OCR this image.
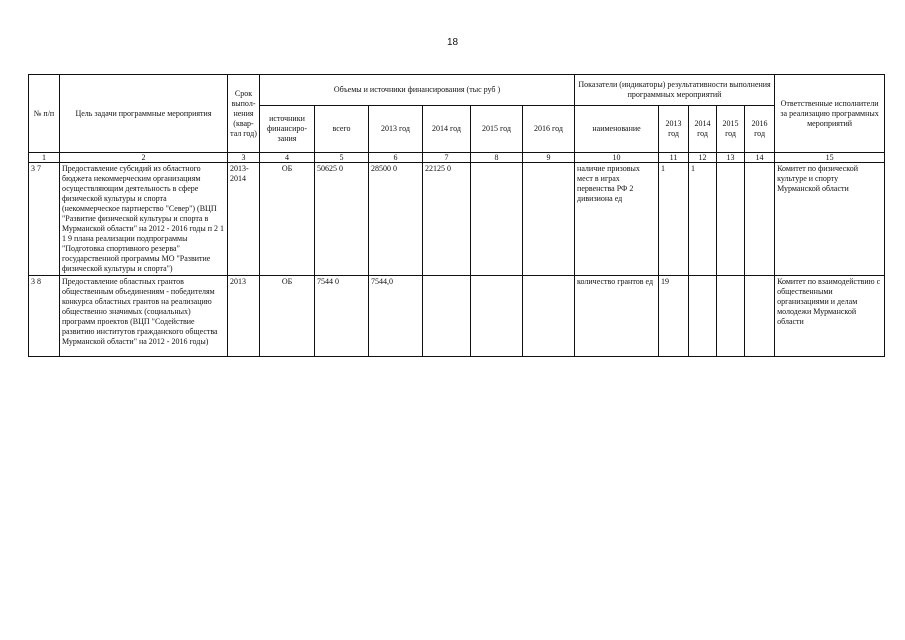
18
№ п/п	Цель задачи программные мероприятия	Срок выпол-нения (квар-тал год)	Объемы и источники финансирования (тыс руб )						Показатели (индикаторы) результативности выполнения программных мероприятий					Ответственные исполнители за реализацию программных мероприятий
			источники финансиро-зания	всего	2013 год	2014 год	2015 год	2016 год	наименование	2013 год	2014 год	2015 год	2016 год	
1	2	3	4	5	6	7	8	9	10	11	12	13	14	15
3 7	Предоставление субсидий из областного бюджета некоммерческим организациям осуществляющим деятельность в сфере физической культуры и спорта (некоммерческое партнерство "Север") (ВЦП "Развитие физической культуры и спорта в Мурманской области" на 2012 - 2016 годы п 2 1 1 9 плана реализации подпрограммы "Подготовка спортивного резерва" государственной программы МО "Развитие физической культуры и спорта")	2013-2014	ОБ	50625 0	28500 0	22125 0			наличие призовых мест в играх первенства РФ 2 дивизиона ед	1	1			Комитет по физической культуре и спорту Мурманской области
3 8	Предоставление областных грантов общественным объединениям - победителям конкурса областных грантов на реализацию общественно значимых (социальных) программ проектов (ВЦП "Содействие развитию институтов гражданского общества Мурманской области" на 2012 - 2016 годы)	2013	ОБ	7544 0	7544,0				количество грантов ед	19				Комитет по взаимодействию с общественными организациями и делам молодежи Мурманской области
